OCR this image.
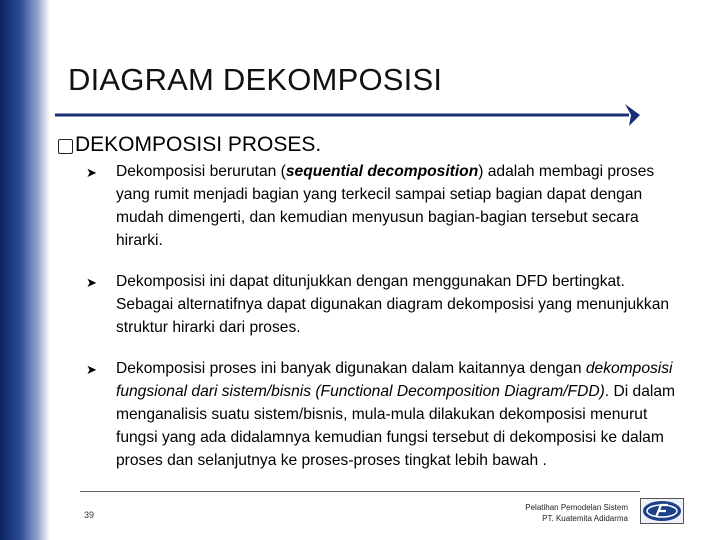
DIAGRAM DEKOMPOSISI
DEKOMPOSISI PROSES.
➤	Dekomposisi berurutan (sequential decomposition) adalah membagi proses yang rumit menjadi bagian yang terkecil sampai setiap bagian dapat dengan mudah dimengerti, dan kemudian menyusun bagian-bagian tersebut secara hirarki.
➤	Dekomposisi ini dapat ditunjukkan dengan menggunakan DFD bertingkat. Sebagai alternatifnya dapat digunakan diagram dekomposisi yang menunjukkan struktur hirarki dari proses.
➤	Dekomposisi proses ini banyak digunakan dalam kaitannya dengan dekomposisi fungsional dari sistem/bisnis (Functional Decomposition Diagram/FDD). Di dalam menganalisis suatu sistem/bisnis, mula-mula dilakukan dekomposisi menurut fungsi yang ada didalamnya kemudian fungsi tersebut di dekomposisi ke dalam proses dan selanjutnya ke proses-proses tingkat lebih bawah .
39
Pelatihan Pemodelan Sistem
PT. Kuatemita Adidarma
